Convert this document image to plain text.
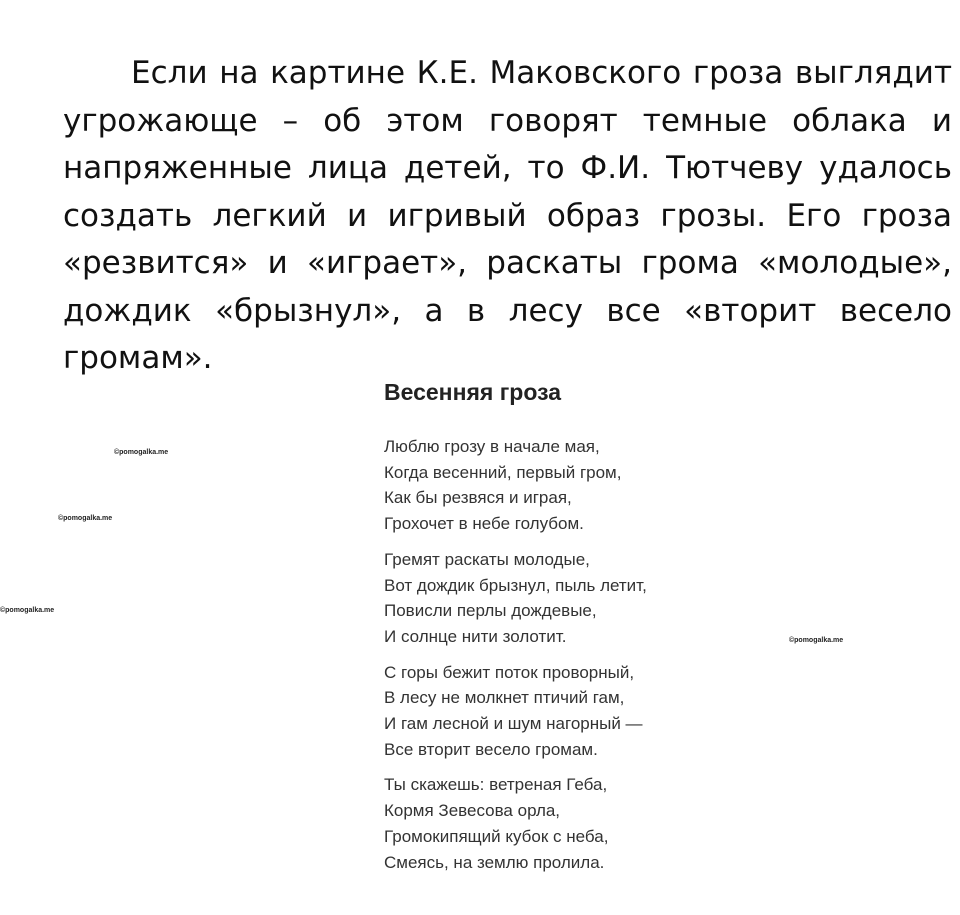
Если на картине К.Е. Маковского гроза выглядит угрожающе – об этом говорят темные облака и напряженные лица детей, то Ф.И. Тютчеву удалось создать легкий и игривый образ грозы. Его гроза «резвится» и «играет», раскаты грома «молодые», дождик «брызнул», а в лесу все «вторит весело громам».

Весенняя гроза
Люблю грозу в начале мая,
Когда весенний, первый гром,
Как бы резвяся и играя,
Грохочет в небе голубом.
Гремят раскаты молодые,
Вот дождик брызнул, пыль летит,
Повисли перлы дождевые,
И солнце нити золотит.
С горы бежит поток проворный,
В лесу не молкнет птичий гам,
И гам лесной и шум нагорный —
Все вторит весело громам.
Ты скажешь: ветреная Геба,
Кормя Зевесова орла,
Громокипящий кубок с неба,
Смеясь, на землю пролила.
©pomogalka.me
©pomogalka.me
©pomogalka.me
©pomogalka.me
